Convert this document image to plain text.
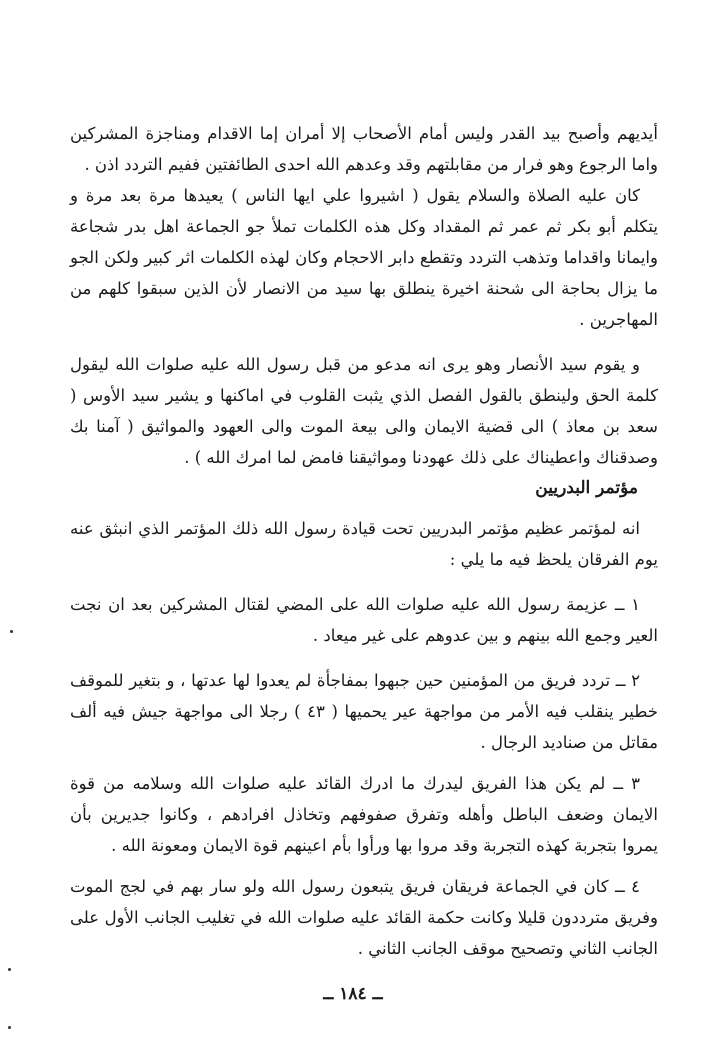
أيديهم وأصبح بيد القدر وليس أمام الأصحاب إلا أمران إما الاقدام ومناجزة المشركين واما الرجوع وهو فرار من مقابلتهم وقد وعدهم الله احدى الطائفتين ففيم التردد اذن .

كان عليه الصلاة والسلام يقول ( اشيروا علي ايها الناس ) يعيدها مرة بعد مرة و يتكلم أبو بكر ثم عمر ثم المقداد وكل هذه الكلمات تملأ جو الجماعة اهل بدر شجاعة وايمانا واقداما وتذهب التردد وتقطع دابر الاحجام وكان لهذه الكلمات اثر كبير ولكن الجو ما يزال بحاجة الى شحنة اخيرة ينطلق بها سيد من الانصار لأن الذين سبقوا كلهم من المهاجرين .

و يقوم سيد الأنصار وهو يرى انه مدعو من قبل رسول الله عليه صلوات الله ليقول كلمة الحق ولينطق بالقول الفصل الذي يثبت القلوب في اماكنها و يشير سيد الأوس ( سعد بن معاذ ) الى قضية الايمان والى بيعة الموت والى العهود والمواثيق ( آمنا بك وصدقناك واعطيناك على ذلك عهودنا ومواثيقنا فامض لما امرك الله ) .

مؤتمر البدريين

انه لمؤتمر عظيم مؤتمر البدريين تحت قيادة رسول الله ذلك المؤتمر الذي انبثق عنه يوم الفرقان يلحظ فيه ما يلي :

١ ــ عزيمة رسول الله عليه صلوات الله على المضي لقتال المشركين بعد ان نجت العير وجمع الله بينهم و بين عدوهم على غير ميعاد .

٢ ــ تردد فريق من المؤمنين حين جبهوا بمفاجأة لم يعدوا لها عدتها ، و بتغير للموقف خطير ينقلب فيه الأمر من مواجهة عير يحميها ( ٤٣ ) رجلا الى مواجهة جيش فيه ألف مقاتل من صناديد الرجال .

٣ ــ لم يكن هذا الفريق ليدرك ما ادرك القائد عليه صلوات الله وسلامه من قوة الايمان وضعف الباطل وأهله وتفرق صفوفهم وتخاذل افرادهم ، وكانوا جديرين بأن يمروا بتجربة كهذه التجربة وقد مروا بها ورأوا بأم اعينهم قوة الايمان ومعونة الله .

٤ ــ كان في الجماعة فريقان فريق يتبعون رسول الله ولو سار بهم في لجج الموت وفريق مترددون قليلا وكانت حكمة القائد عليه صلوات الله في تغليب الجانب الأول على الجانب الثاني وتصحيح موقف الجانب الثاني .

ــ ١٨٤ ــ
